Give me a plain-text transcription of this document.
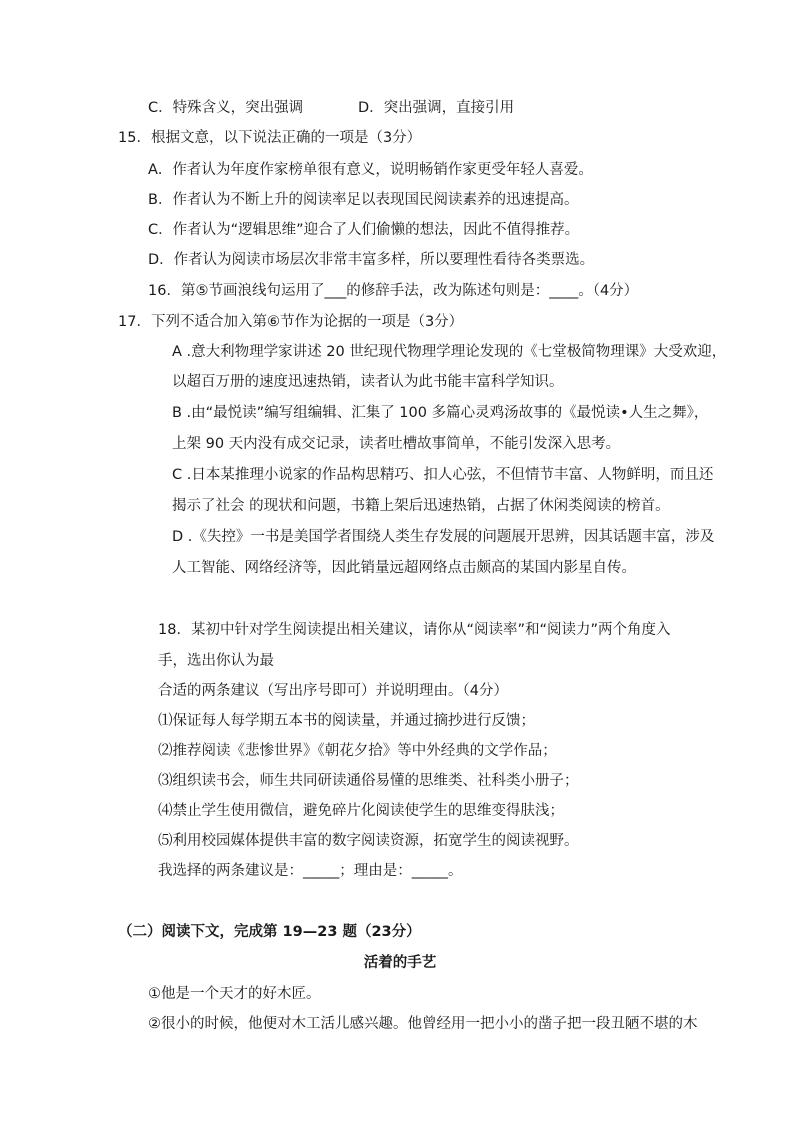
C．特殊含义，突出强调	D．突出强调，直接引用
15．根据文意，以下说法正确的一项是（3分）
A．作者认为年度作家榜单很有意义，说明畅销作家更受年轻人喜爱。
B．作者认为不断上升的阅读率足以表现国民阅读素养的迅速提高。
C．作者认为“逻辑思维”迎合了人们偷懒的想法，因此不值得推荐。
D．作者认为阅读市场层次非常丰富多样，所以要理性看待各类票选。
16．第⑤节画浪线句运用了___的修辞手法，改为陈述句则是：____。（4分）
17．下列不适合加入第⑥节作为论据的一项是（3分）
A .意大利物理学家讲述 20 世纪现代物理学理论发现的《七堂极简物理课》大受欢迎，
以超百万册的速度迅速热销，读者认为此书能丰富科学知识。
B .由“最悦读”编写组编辑、汇集了 100 多篇心灵鸡汤故事的《最悦读•人生之舞》，
上架 90 天内没有成交记录，读者吐槽故事简单，不能引发深入思考。
C .日本某推理小说家的作品构思精巧、扣人心弦，不但情节丰富、人物鲜明，而且还
揭示了社会 的现状和问题，书籍上架后迅速热销，占据了休闲类阅读的榜首。
D .《失控》一书是美国学者围绕人类生存发展的问题展开思辨，因其话题丰富，涉及
人工智能、网络经济等，因此销量远超网络点击颇高的某国内影星自传。
18．某初中针对学生阅读提出相关建议，请你从“阅读率”和“阅读力”两个角度入
手，选出你认为最
合适的两条建议（写出序号即可）并说明理由。（4分）
⑴保证每人每学期五本书的阅读量，并通过摘抄进行反馈；
⑵推荐阅读《悲惨世界》《朝花夕拾》等中外经典的文学作品；
⑶组织读书会，师生共同研读通俗易懂的思维类、社科类小册子；
⑷禁止学生使用微信，避免碎片化阅读使学生的思维变得肤浅；
⑸利用校园媒体提供丰富的数字阅读资源，拓宽学生的阅读视野。
我选择的两条建议是：_____；理由是：_____。
（二）阅读下文，完成第 19—23 题（23分）
活着的手艺
①他是一个天才的好木匠。
②很小的时候，他便对木工活儿感兴趣。他曾经用一把小小的凿子把一段丑陋不堪的木
